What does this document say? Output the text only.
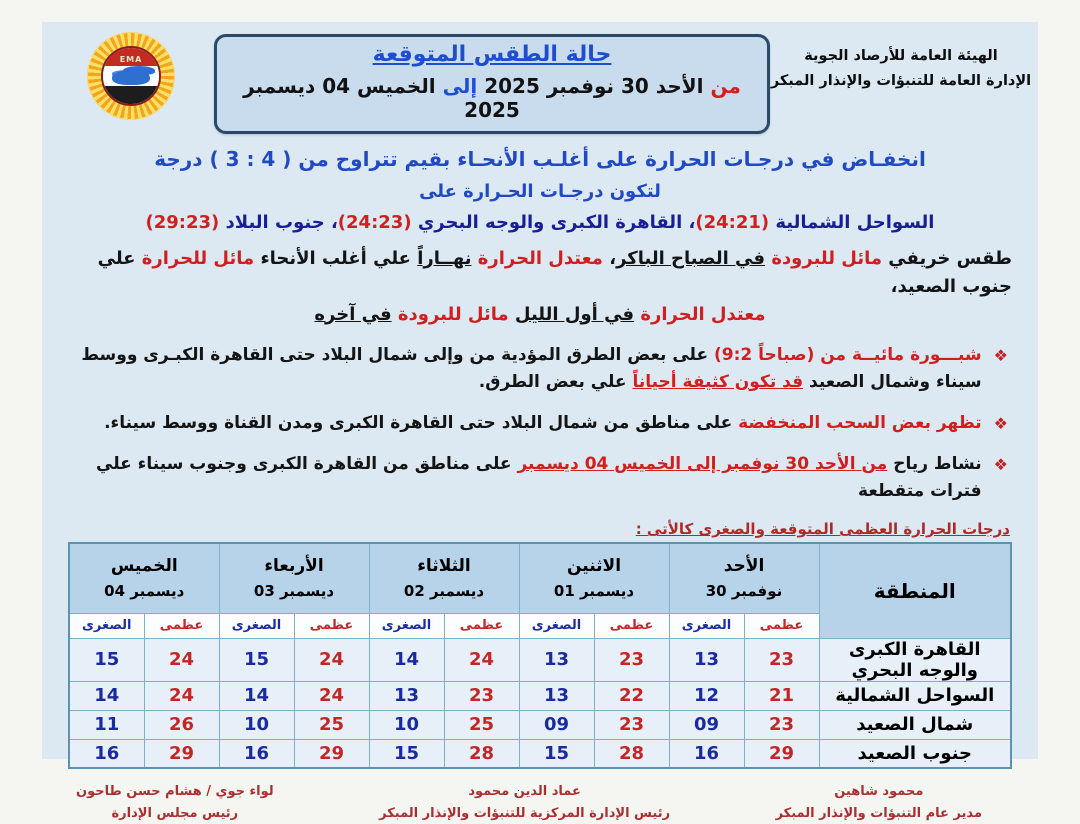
الهيئة العامة للأرصاد الجوية
الإدارة العامة للتنبؤات والإنذار المبكر
حالة الطقس المتوقعة
من الأحد 30 نوفمبر 2025 إلى الخميس 04 ديسمبر 2025
EMA
انخفـاض في درجـات الحرارة على أغلـب الأنحـاء بقيم تتراوح من ( 3 : 4 ) درجة
لتكون درجـات الحـرارة على
السواحل الشمالية (24:21)، القاهرة الكبرى والوجه البحري (24:23)، جنوب البلاد (29:23)
طقس خريفي مائل للبرودة في الصباح الباكر، معتدل الحرارة نهــاراً علي أغلب الأنحاء مائل للحرارة علي جنوب الصعيد،
معتدل الحرارة في أول الليل مائل للبرودة في آخره
❖

شبـــورة مائيــة من (9:2 صباحاً) على بعض الطرق المؤدية من وإلى شمال البلاد حتى القاهرة الكبـرى ووسط سيناء وشمال الصعيد قد تكون كثيفة أحياناً علي بعض الطرق.

❖

تظهر بعض السحب المنخفضة على مناطق من شمال البلاد حتى القاهرة الكبرى ومدن القناة ووسط سيناء.

❖

نشاط رياح من الأحد 30 نوفمبر إلى الخميس 04 ديسمبر على مناطق من القاهرة الكبرى وجنوب سيناء علي فترات متقطعة

درجات الحرارة العظمى المتوقعة والصغرى كالأتى :
المنطقة	
الأحد
30 نوفمبر

الاثنين
01 ديسمبر

الثلاثاء
02 ديسمبر

الأربعاء
03 ديسمبر

الخميس
04 ديسمبر

	عظمى	الصغرى	عظمى	الصغرى	عظمى	الصغرى	عظمى	الصغرى	عظمى	الصغرى
القاهرة الكبرى والوجه البحري	23	13	23	13	24	14	24	15	24	15
السواحل الشمالية	21	12	22	13	23	13	24	14	24	14
شمال الصعيد	23	09	23	09	25	10	25	10	26	11
جنوب الصعيد	29	16	28	15	28	15	29	16	29	16
محمود شاهين
مدير عام التنبؤات والإنذار المبكر
عماد الدين محمود
رئيس الإدارة المركزية للتنبؤات والإنذار المبكر
لواء جوي / هشام حسن طاحون
رئيس مجلس الإدارة
